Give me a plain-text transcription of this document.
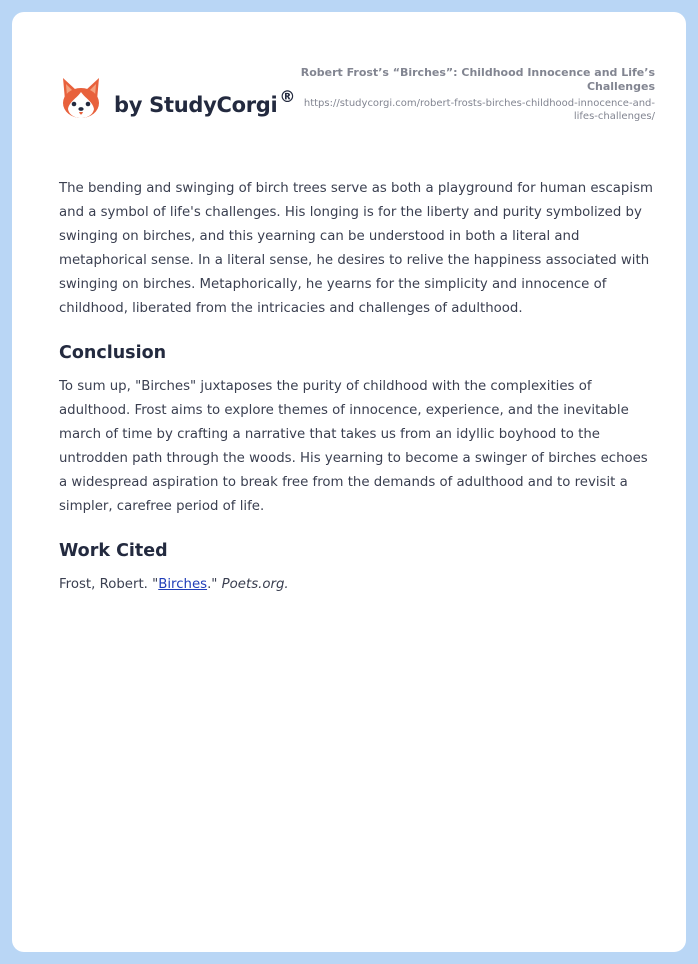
by StudyCorgi ®
Robert Frost’s “Birches”: Childhood Innocence and Life’s Challenges
https://studycorgi.com/robert-frosts-birches-childhood-innocence-and-lifes-challenges/

The bending and swinging of birch trees serve as both a playground for human escapism and a symbol of life's challenges. His longing is for the liberty and purity symbolized by swinging on birches, and this yearning can be understood in both a literal and metaphorical sense. In a literal sense, he desires to relive the happiness associated with swinging on birches. Metaphorically, he yearns for the simplicity and innocence of childhood, liberated from the intricacies and challenges of adulthood.

Conclusion

To sum up, "Birches" juxtaposes the purity of childhood with the complexities of adulthood. Frost aims to explore themes of innocence, experience, and the inevitable march of time by crafting a narrative that takes us from an idyllic boyhood to the untrodden path through the woods. His yearning to become a swinger of birches echoes a widespread aspiration to break free from the demands of adulthood and to revisit a simpler, carefree period of life.

Work Cited

Frost, Robert. "Birches." Poets.org.
